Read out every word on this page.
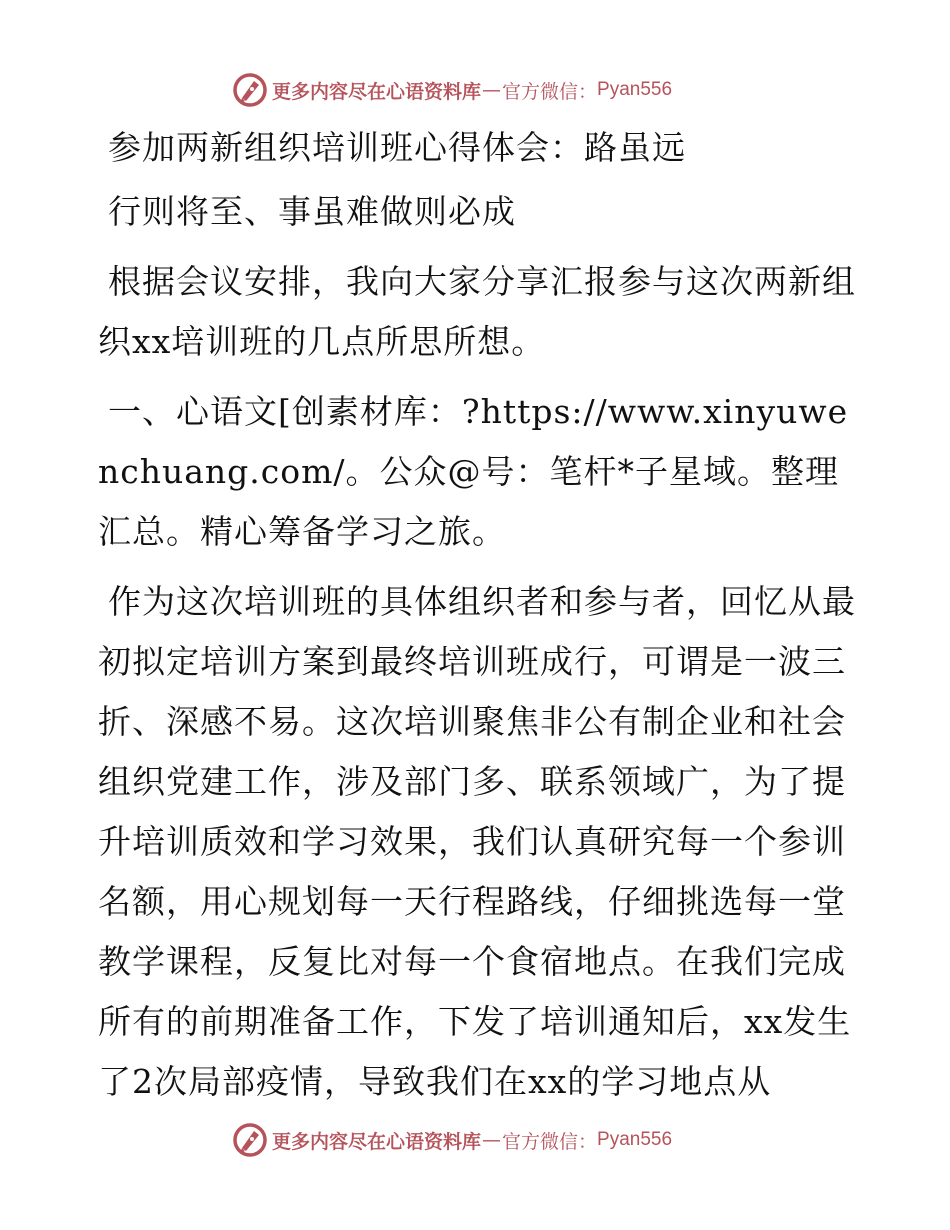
更多内容尽在心语资料库 — 官方微信： Pyan556

参加两新组织培训班心得体会：路虽远

行则将至、事虽难做则必成

根据会议安排，我向大家分享汇报参与这次两新组织xx培训班的几点所思所想。

一、心语文[创素材库：?https://www.xinyuwenchuang.com/。公众@号：笔杆*子星域。整理汇总。精心筹备学习之旅。

作为这次培训班的具体组织者和参与者，回忆从最初拟定培训方案到最终培训班成行，可谓是一波三折、深感不易。这次培训聚焦非公有制企业和社会组织党建工作，涉及部门多、联系领域广，为了提升培训质效和学习效果，我们认真研究每一个参训名额，用心规划每一天行程路线，仔细挑选每一堂教学课程，反复比对每一个食宿地点。在我们完成所有的前期准备工作，下发了培训通知后，xx发生了2次局部疫情，导致我们在xx的学习地点从

更多内容尽在心语资料库 — 官方微信： Pyan556
